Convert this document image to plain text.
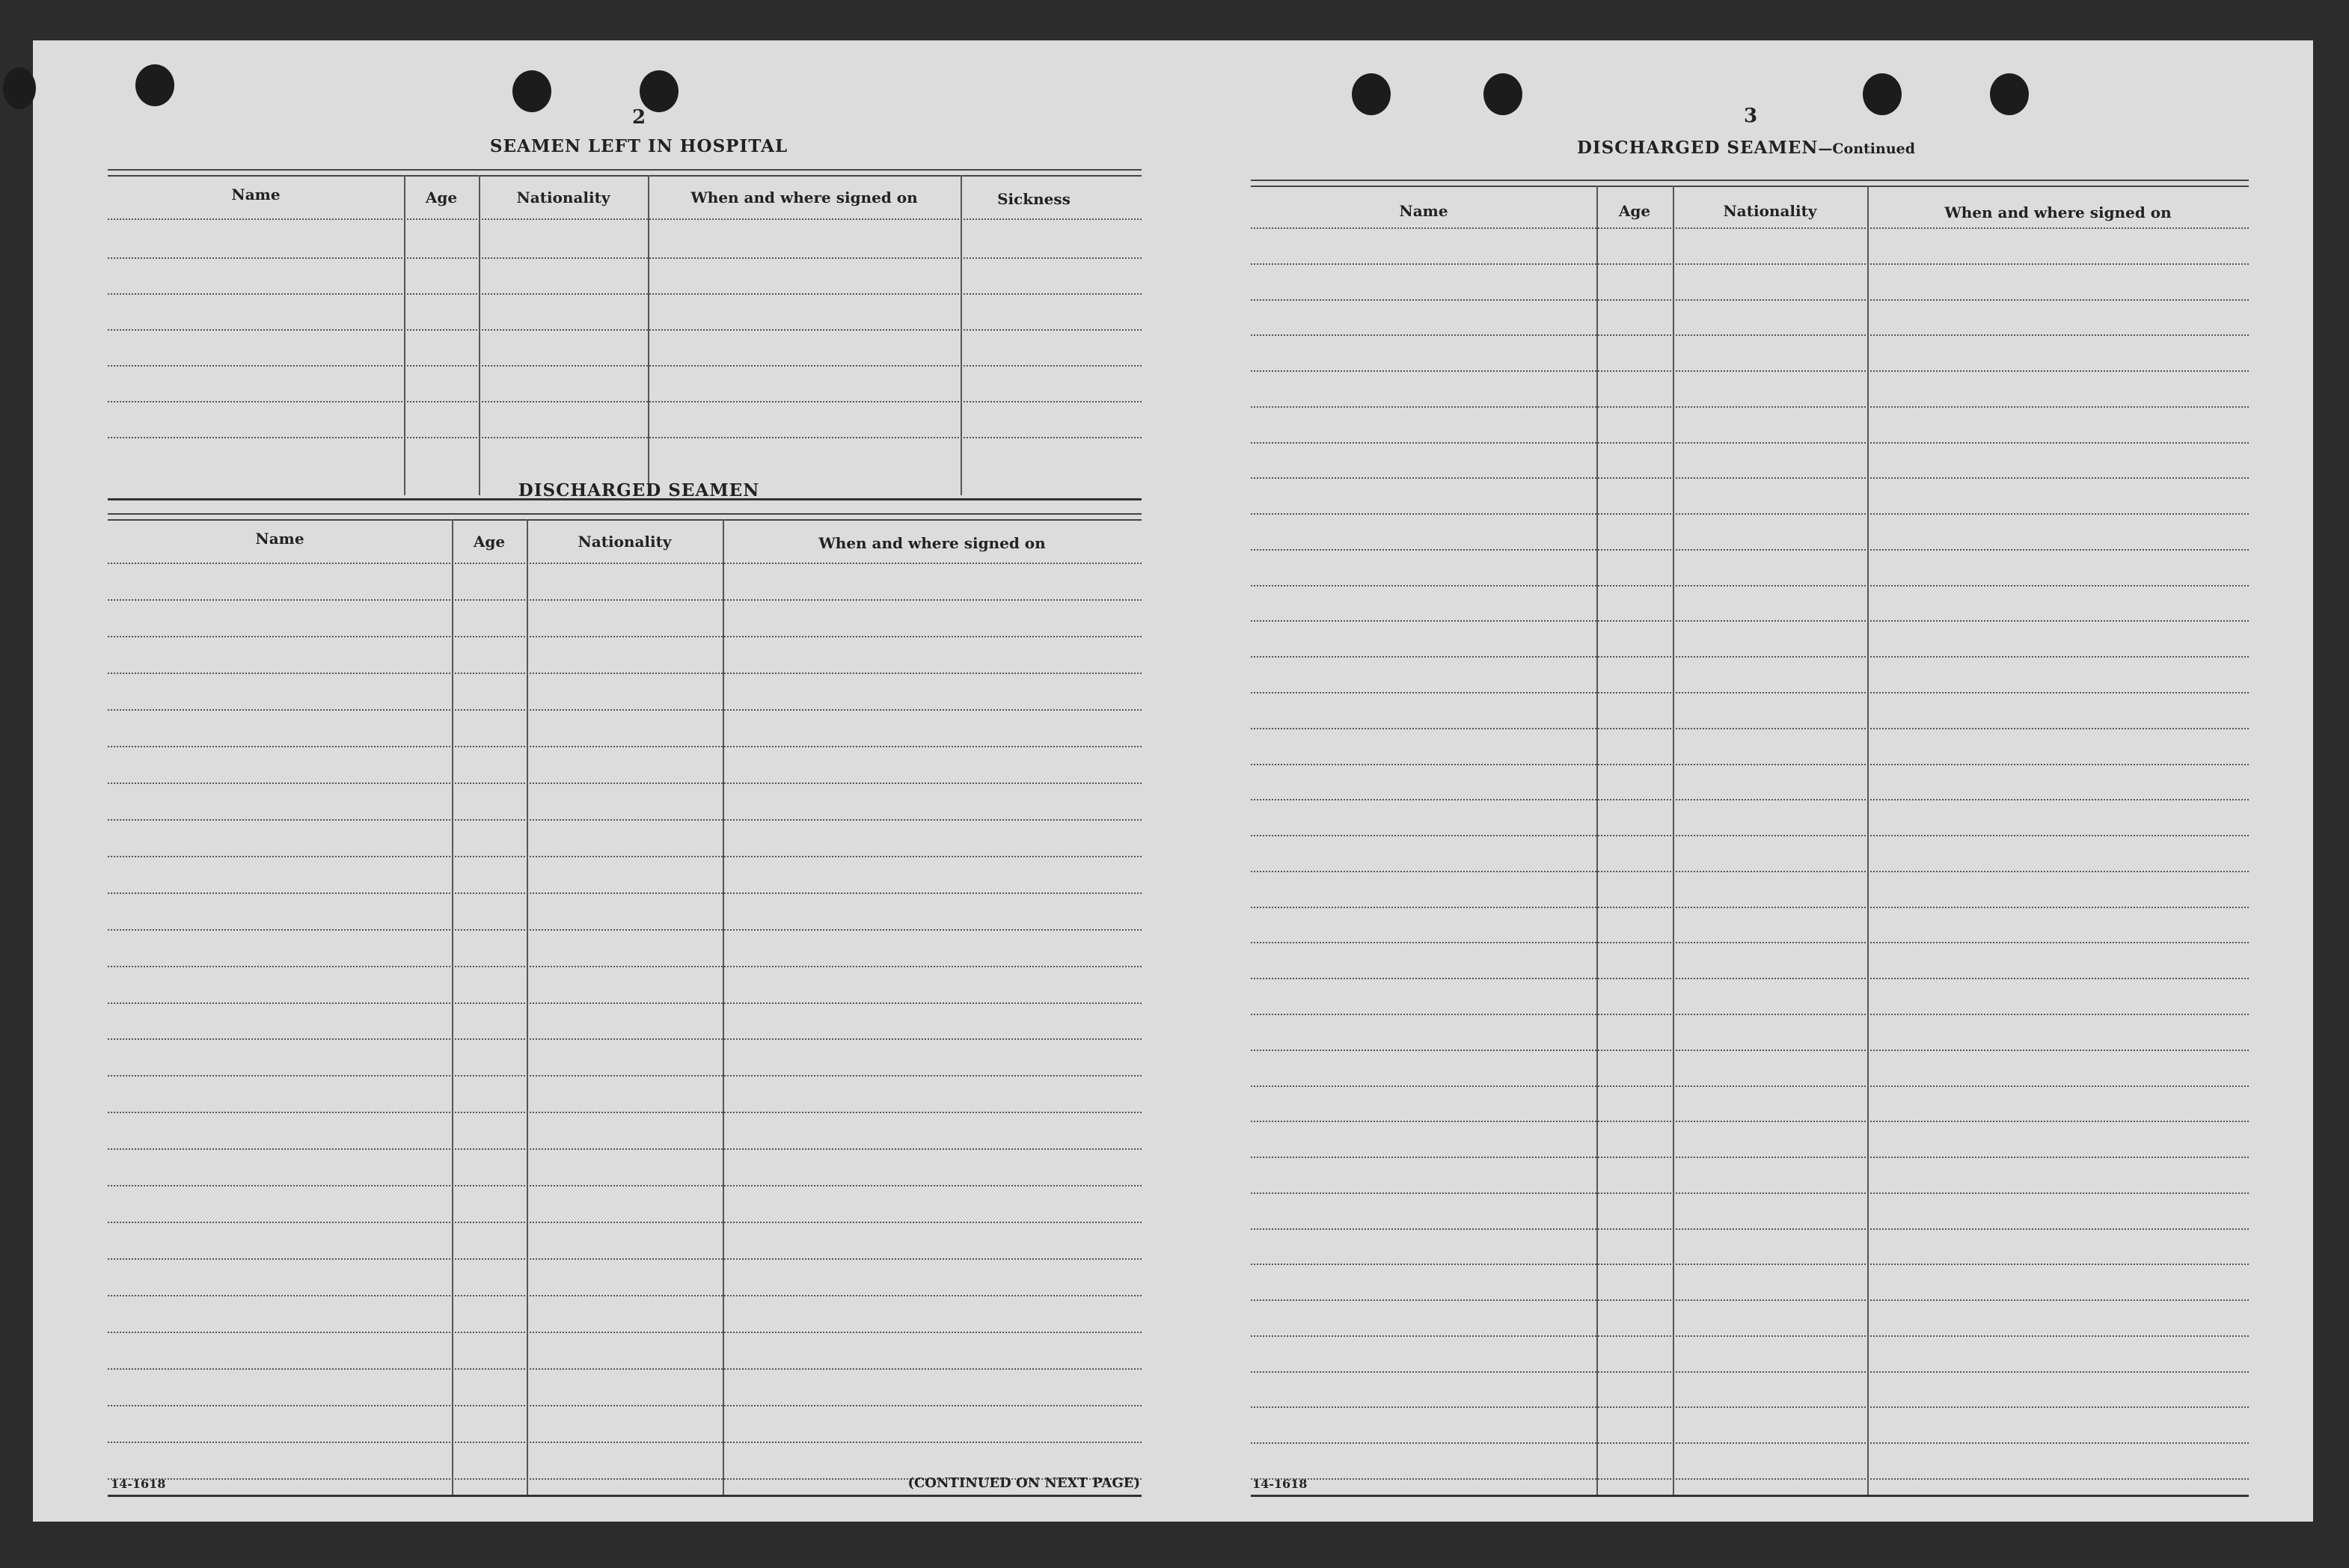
2
SEAMEN LEFT IN HOSPITAL
Name	Age	Nationality	When and where signed on	Sickness
DISCHARGED SEAMEN
Name	Age	Nationality	When and where signed on
14-1618	(CONTINUED ON NEXT PAGE)
3
DISCHARGED SEAMEN—Continued
Name	Age	Nationality	When and where signed on
14-1618
